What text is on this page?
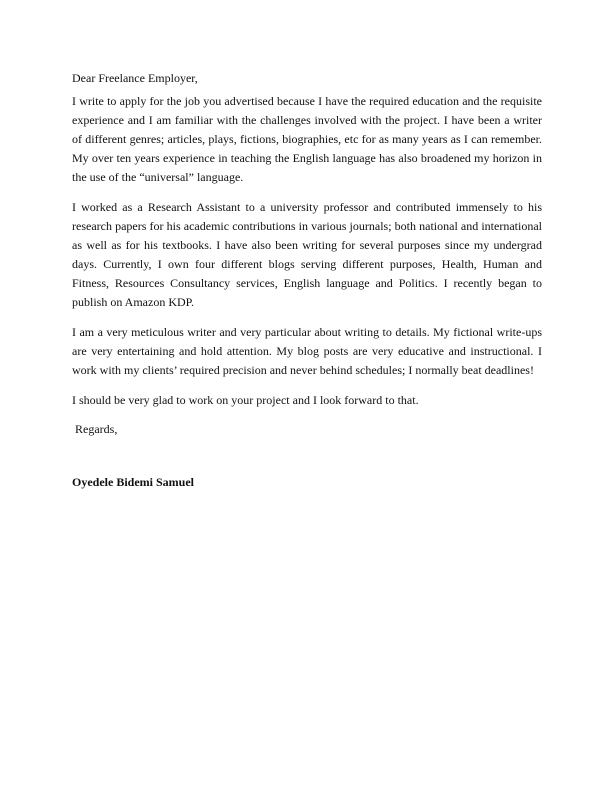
Dear Freelance Employer,

I write to apply for the job you advertised because I have the required education and the requisite experience and I am familiar with the challenges involved with the project. I have been a writer of different genres; articles, plays, fictions, biographies, etc for as many years as I can remember. My over ten years experience in teaching the English language has also broadened my horizon in the use of the “universal” language.

I worked as a Research Assistant to a university professor and contributed immensely to his research papers for his academic contributions in various journals; both national and international as well as for his textbooks. I have also been writing for several purposes since my undergrad days. Currently, I own four different blogs serving different purposes, Health, Human and Fitness, Resources Consultancy services, English language and Politics. I recently began to publish on Amazon KDP.

I am a very meticulous writer and very particular about writing to details. My fictional write-ups are very entertaining and hold attention. My blog posts are very educative and instructional. I work with my clients’ required precision and never behind schedules; I normally beat deadlines!

I should be very glad to work on your project and I look forward to that.

Regards,

Oyedele Bidemi Samuel
